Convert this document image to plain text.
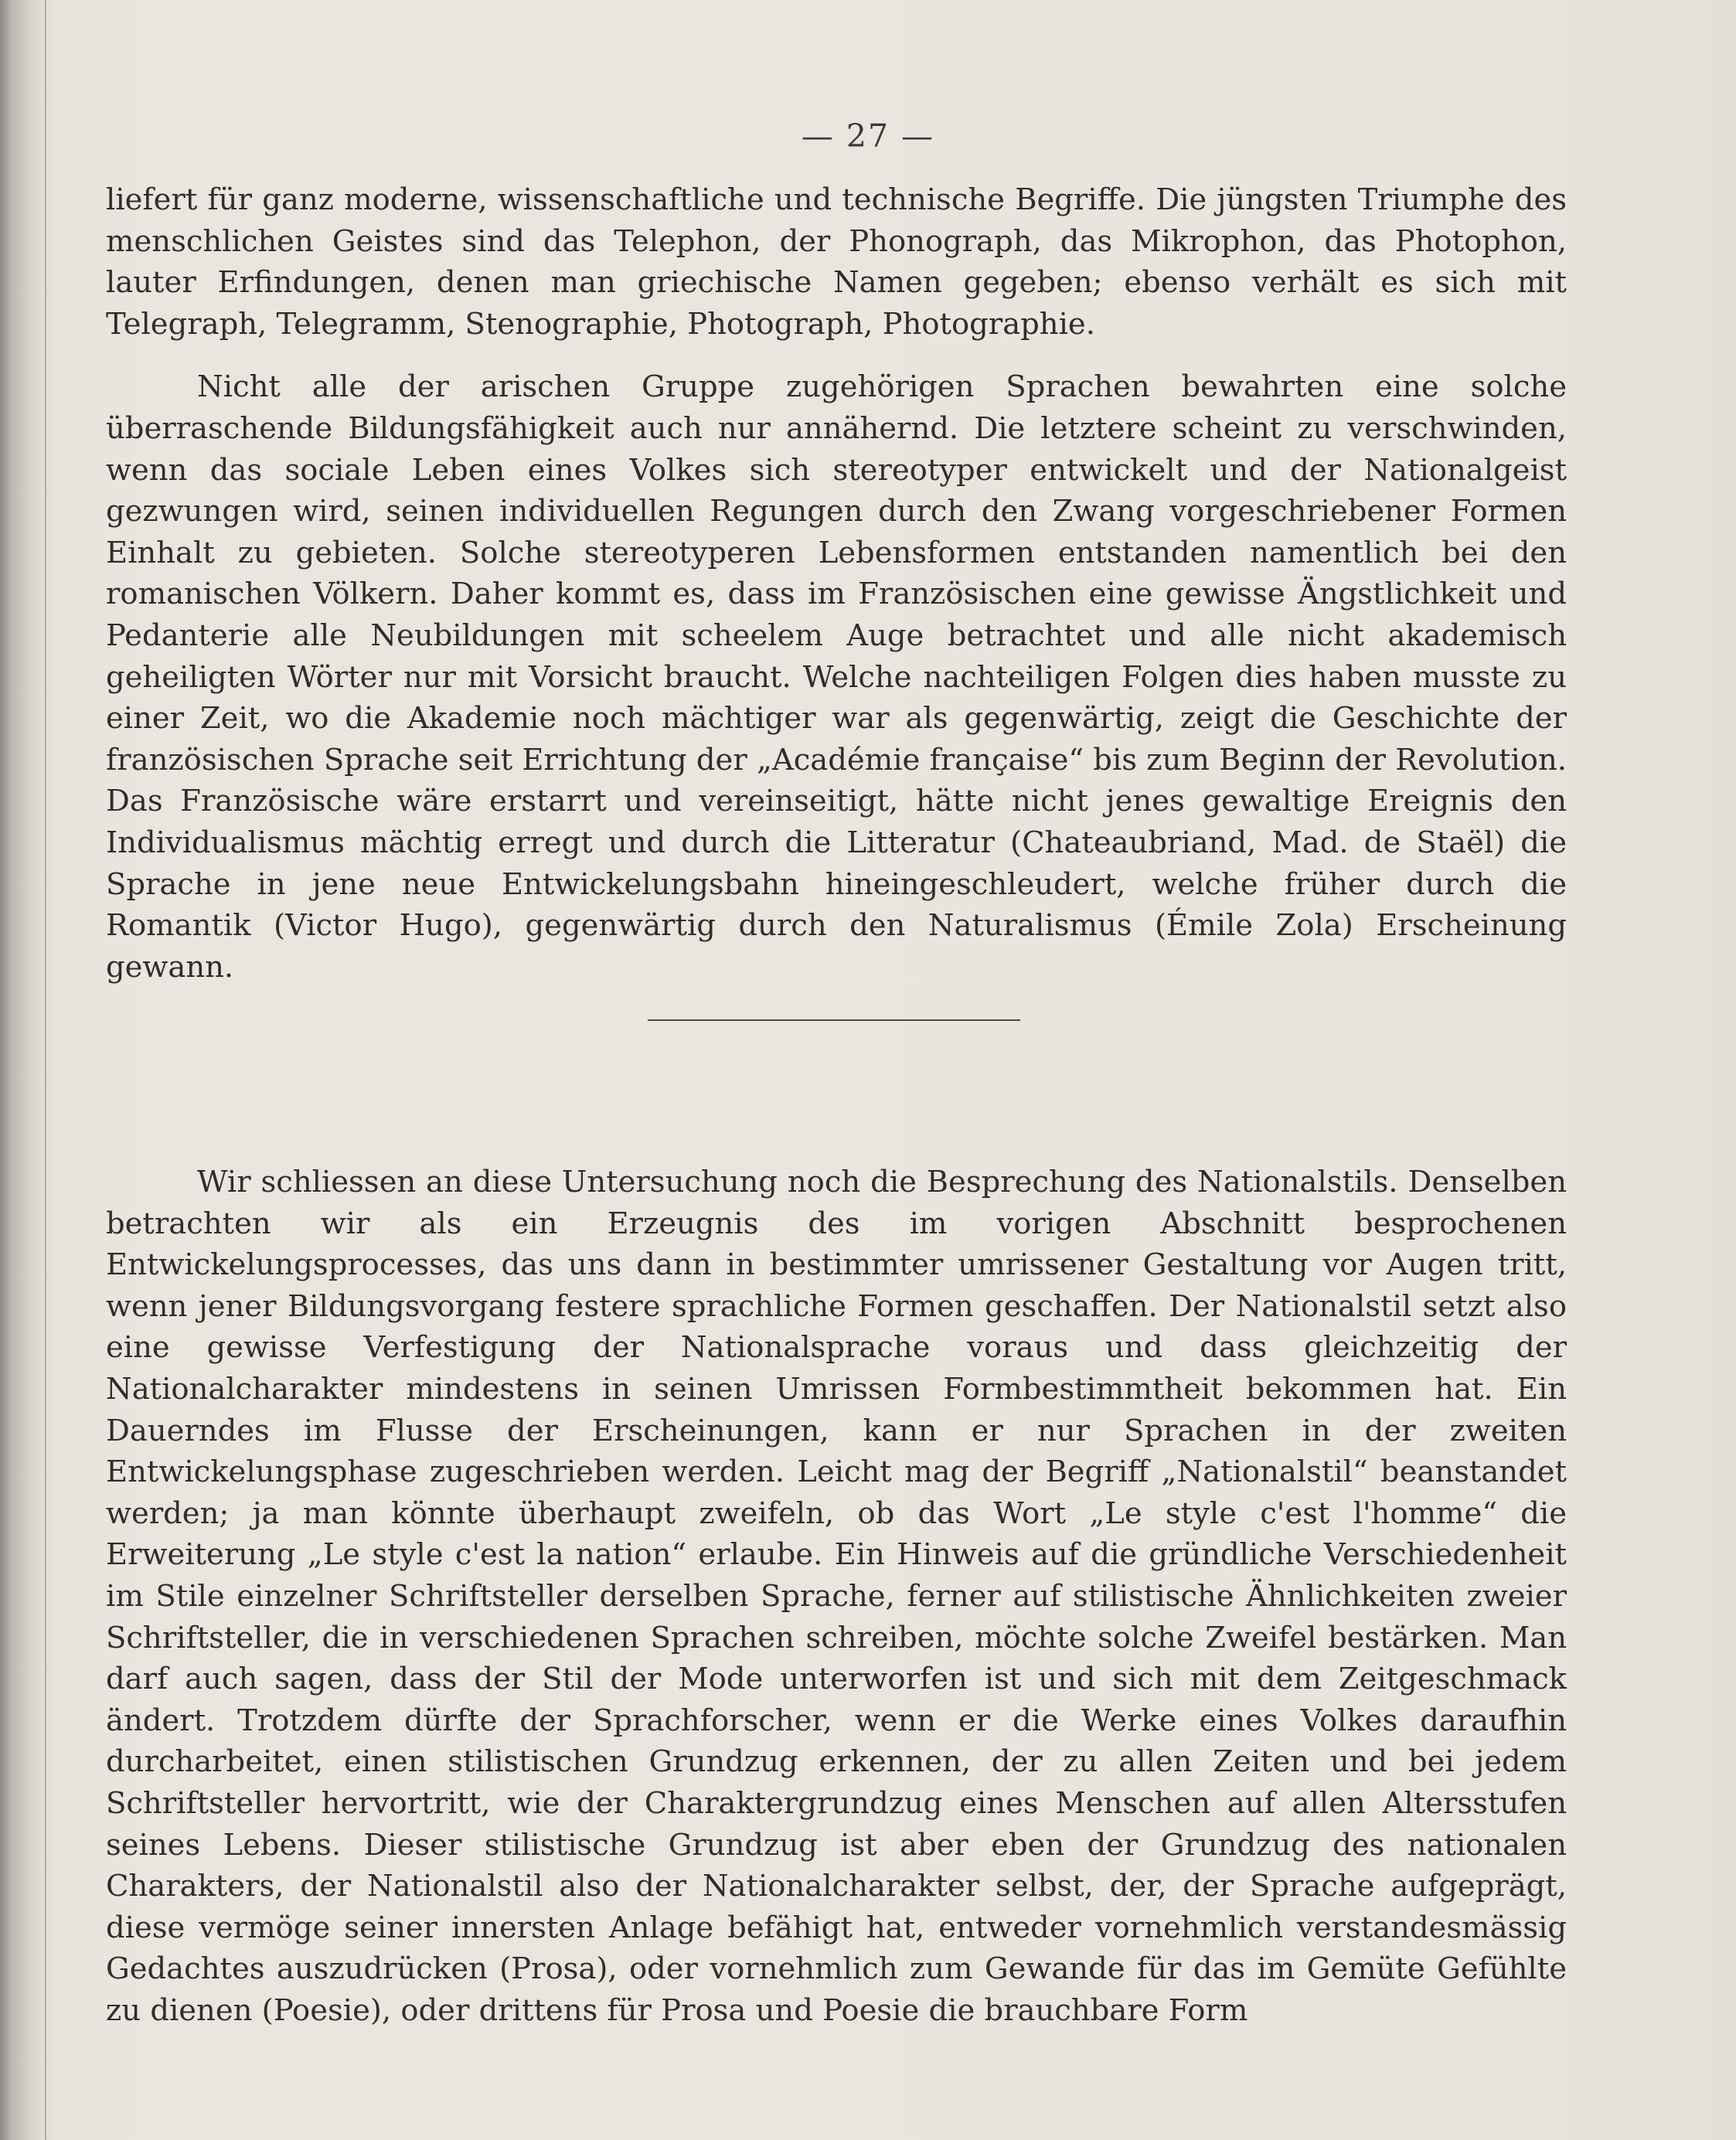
— 27 —

liefert für ganz moderne, wissenschaftliche und technische Begriffe. Die jüngsten Triumphe des menschlichen Geistes sind das Telephon, der Phonograph, das Mikrophon, das Photophon, lauter Erfindungen, denen man griechische Namen gegeben; ebenso verhält es sich mit Telegraph, Telegramm, Stenographie, Photograph, Photographie.

Nicht alle der arischen Gruppe zugehörigen Sprachen bewahrten eine solche überraschende Bildungsfähigkeit auch nur annähernd. Die letztere scheint zu verschwinden, wenn das sociale Leben eines Volkes sich stereotyper entwickelt und der Nationalgeist gezwungen wird, seinen individuellen Regungen durch den Zwang vorgeschriebener Formen Einhalt zu gebieten. Solche stereotyperen Lebensformen entstanden namentlich bei den romanischen Völkern. Daher kommt es, dass im Französischen eine gewisse Ängstlichkeit und Pedanterie alle Neubildungen mit scheelem Auge betrachtet und alle nicht akademisch geheiligten Wörter nur mit Vorsicht braucht. Welche nachteiligen Folgen dies haben musste zu einer Zeit, wo die Akademie noch mächtiger war als gegenwärtig, zeigt die Geschichte der französischen Sprache seit Errichtung der „Académie française“ bis zum Beginn der Revolution. Das Französische wäre erstarrt und vereinseitigt, hätte nicht jenes gewaltige Ereignis den Individualismus mächtig erregt und durch die Litteratur (Chateaubriand, Mad. de Staël) die Sprache in jene neue Entwickelungsbahn hineingeschleudert, welche früher durch die Romantik (Victor Hugo), gegenwärtig durch den Naturalismus (Émile Zola) Erscheinung gewann.

Wir schliessen an diese Untersuchung noch die Besprechung des Nationalstils. Denselben betrachten wir als ein Erzeugnis des im vorigen Abschnitt besprochenen Entwickelungsprocesses, das uns dann in bestimmter umrissener Gestaltung vor Augen tritt, wenn jener Bildungsvorgang festere sprachliche Formen geschaffen. Der Nationalstil setzt also eine gewisse Verfestigung der Nationalsprache voraus und dass gleichzeitig der Nationalcharakter mindestens in seinen Umrissen Formbestimmtheit bekommen hat. Ein Dauerndes im Flusse der Erscheinungen, kann er nur Sprachen in der zweiten Entwickelungsphase zugeschrieben werden. Leicht mag der Begriff „Nationalstil“ beanstandet werden; ja man könnte überhaupt zweifeln, ob das Wort „Le style c'est l'homme“ die Erweiterung „Le style c'est la nation“ erlaube. Ein Hinweis auf die gründliche Verschiedenheit im Stile einzelner Schriftsteller derselben Sprache, ferner auf stilistische Ähnlichkeiten zweier Schriftsteller, die in verschiedenen Sprachen schreiben, möchte solche Zweifel bestärken. Man darf auch sagen, dass der Stil der Mode unterworfen ist und sich mit dem Zeitgeschmack ändert. Trotzdem dürfte der Sprachforscher, wenn er die Werke eines Volkes daraufhin durcharbeitet, einen stilistischen Grundzug erkennen, der zu allen Zeiten und bei jedem Schriftsteller hervortritt, wie der Charaktergrundzug eines Menschen auf allen Altersstufen seines Lebens. Dieser stilistische Grundzug ist aber eben der Grundzug des nationalen Charakters, der Nationalstil also der Nationalcharakter selbst, der, der Sprache aufgeprägt, diese vermöge seiner innersten Anlage befähigt hat, entweder vornehmlich verstandesmässig Gedachtes auszudrücken (Prosa), oder vornehmlich zum Gewande für das im Gemüte Gefühlte zu dienen (Poesie), oder drittens für Prosa und Poesie die brauchbare Form
